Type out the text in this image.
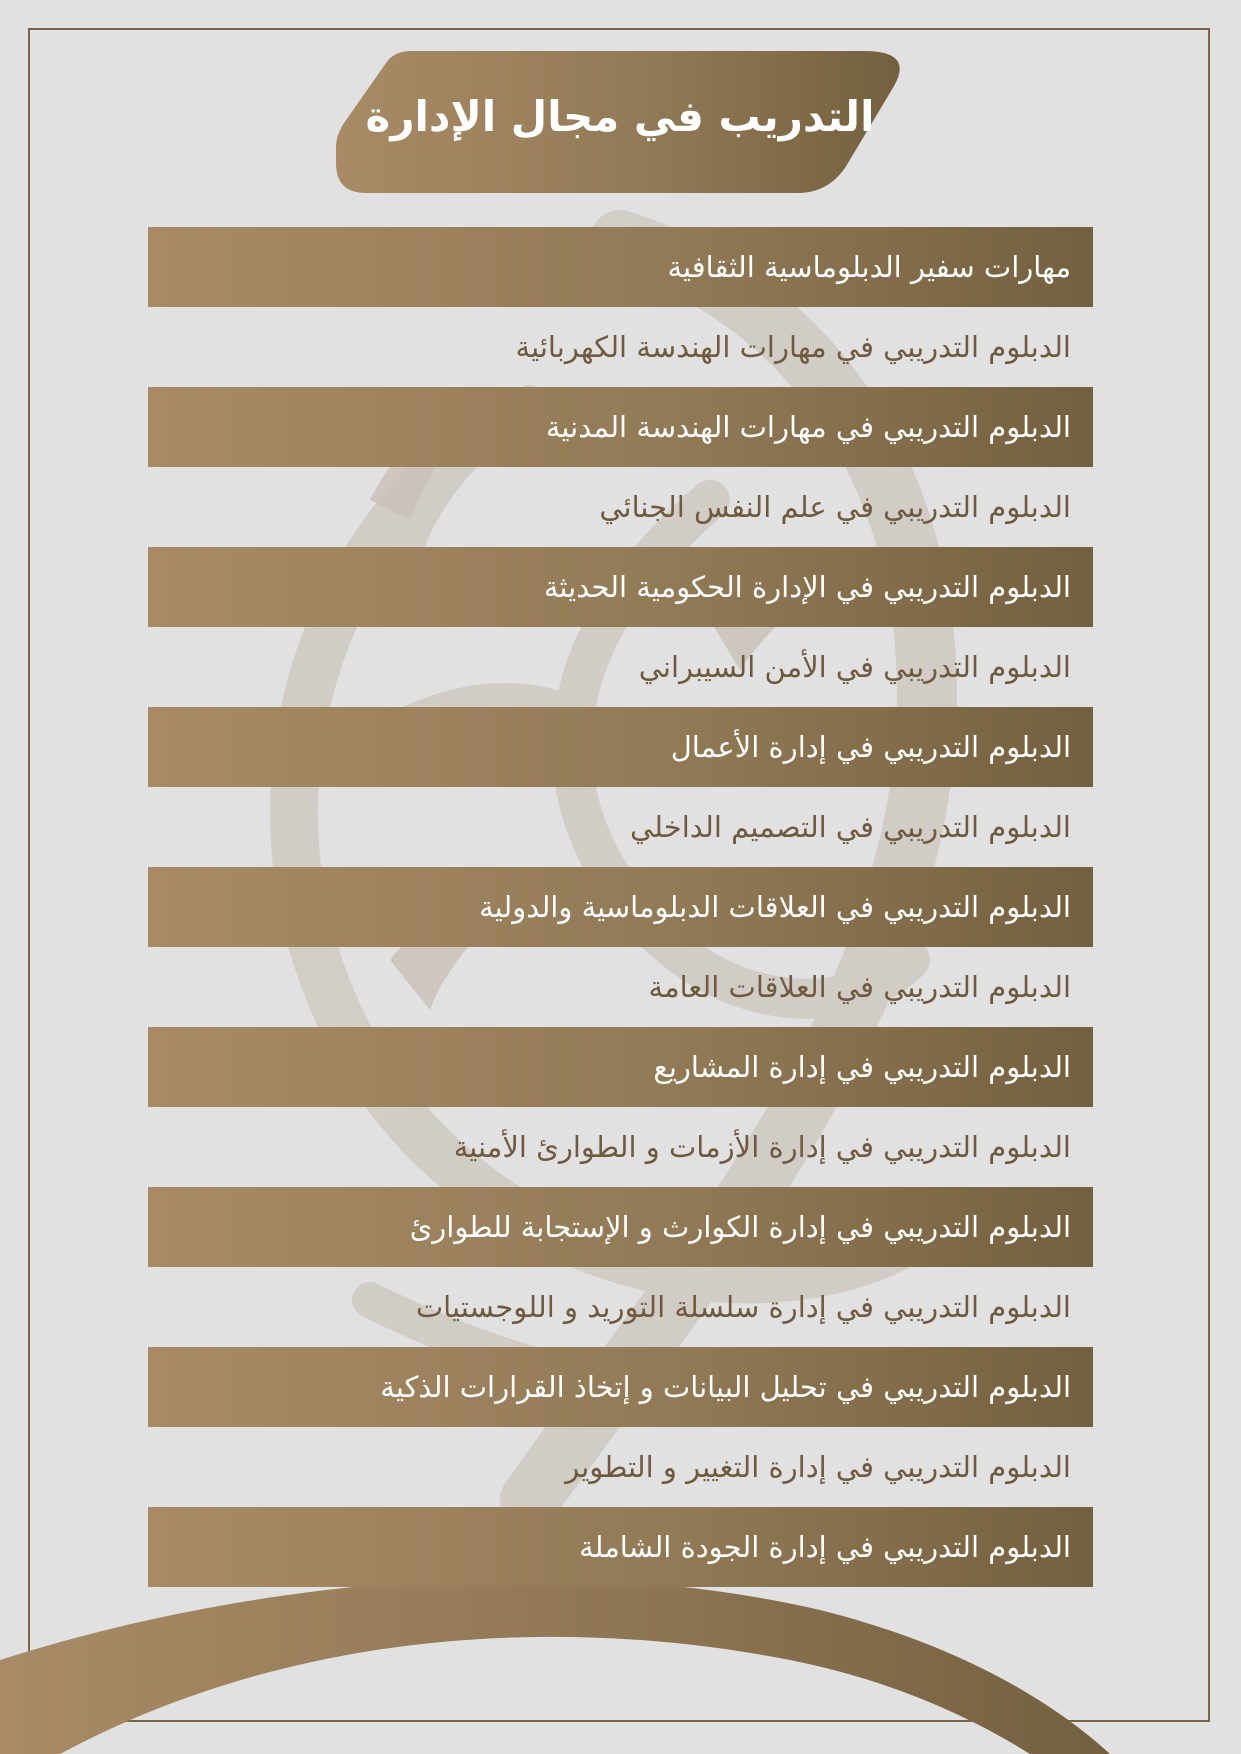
التدريب في مجال الإدارة
مهارات سفير الدبلوماسية الثقافية
الدبلوم التدريبي في مهارات الهندسة الكهربائية
الدبلوم التدريبي في مهارات الهندسة المدنية
الدبلوم التدريبي في علم النفس الجنائي
الدبلوم التدريبي في الإدارة الحكومية الحديثة
الدبلوم التدريبي في الأمن السيبراني
الدبلوم التدريبي في إدارة الأعمال
الدبلوم التدريبي في التصميم الداخلي
الدبلوم التدريبي في العلاقات الدبلوماسية والدولية
الدبلوم التدريبي في العلاقات العامة
الدبلوم التدريبي في إدارة المشاريع
الدبلوم التدريبي في إدارة الأزمات و الطوارئ الأمنية
الدبلوم التدريبي في إدارة الكوارث و الإستجابة للطوارئ
الدبلوم التدريبي في إدارة سلسلة التوريد و اللوجستيات
الدبلوم التدريبي في تحليل البيانات و إتخاذ القرارات الذكية
الدبلوم التدريبي في إدارة التغيير و التطوير
الدبلوم التدريبي في إدارة الجودة الشاملة
